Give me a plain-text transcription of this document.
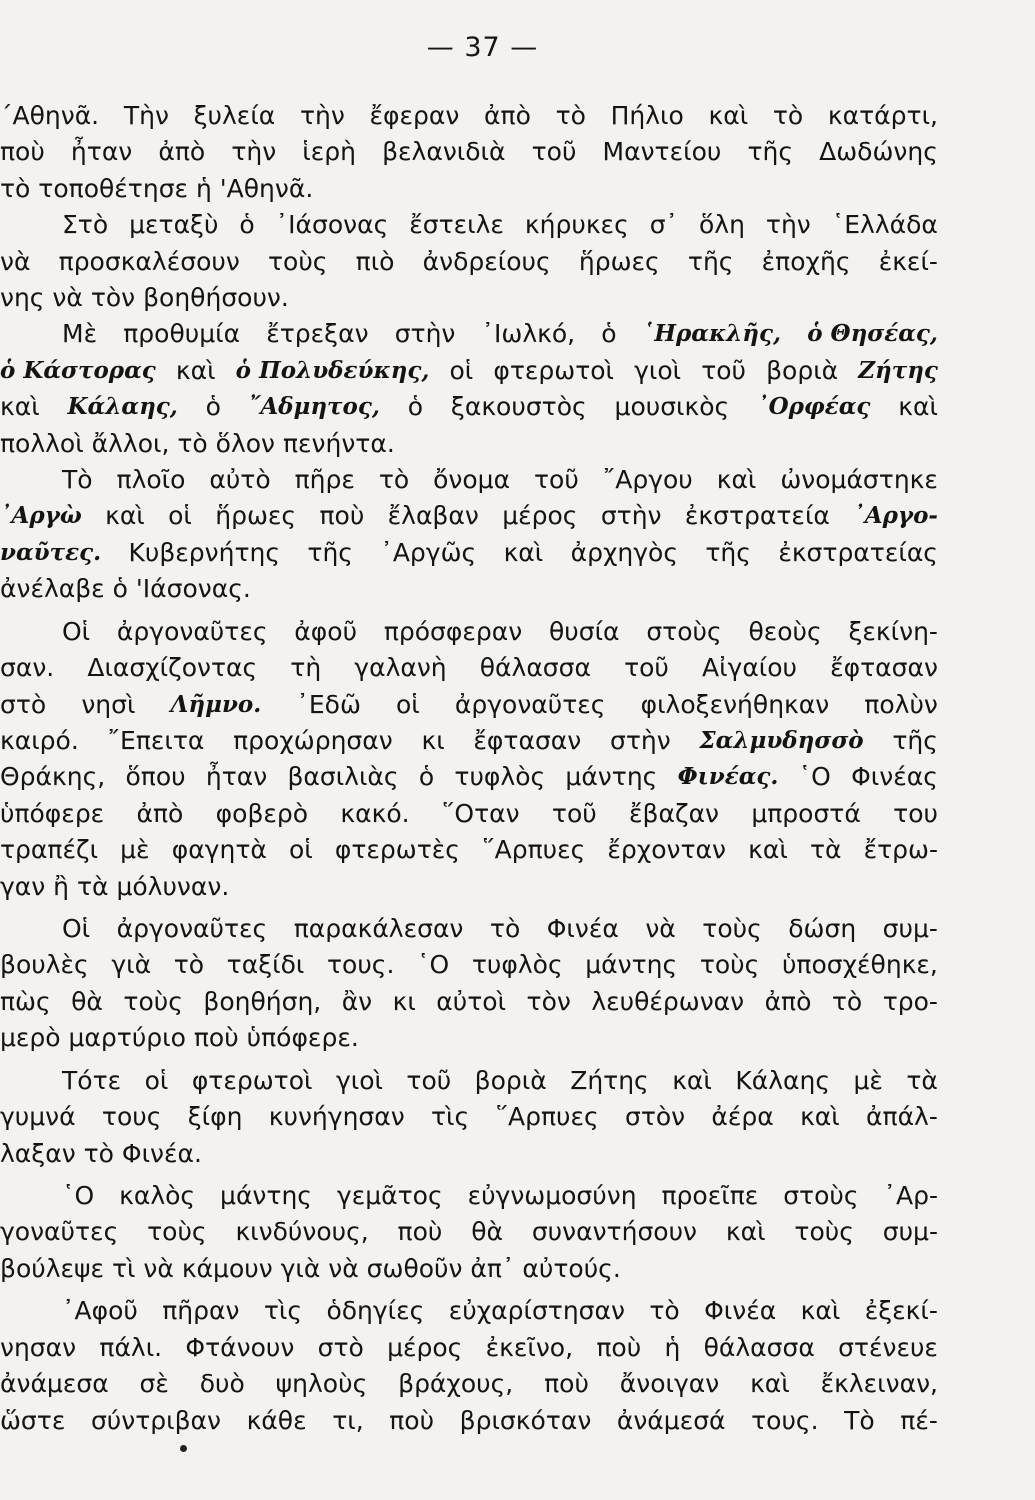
— 37 —
΄Αθηνᾶ. Τὴν ξυλεία τὴν ἔφεραν ἀπὸ τὸ Πήλιο καὶ τὸ κατάρτι,
ποὺ ἦταν ἀπὸ τὴν ἱερὴ βελανιδιὰ τοῦ Μαντείου τῆς Δωδώνης
τὸ τοποθέτησε ἡ 'Αθηνᾶ.
Στὸ μεταξὺ ὁ ᾿Ιάσονας ἔστειλε κήρυκες σ᾿ ὅλη τὴν ῾Ελλάδα
νὰ προσκαλέσουν τοὺς πιὸ ἀνδρείους ἥρωες τῆς ἐποχῆς ἐκεί-
νης νὰ τὸν βοηθήσουν.
Μὲ προθυμία ἔτρεξαν στὴν ᾿Ιωλκό, ὁ ῾Ηρακλῆς, ὁ Θησέας,
ὁ Κάστορας καὶ ὁ Πολυδεύκης, οἱ φτερωτοὶ γιοὶ τοῦ βοριὰ Ζήτης
καὶ Κάλαης, ὁ ῎Αδμητος, ὁ ξακουστὸς μουσικὸς ᾿Ορφέας καὶ
πολλοὶ ἄλλοι, τὸ ὅλον πενήντα.
Τὸ πλοῖο αὐτὸ πῆρε τὸ ὄνομα τοῦ ῎Αργου καὶ ὠνομάστηκε
᾿Αργὼ καὶ οἱ ἥρωες ποὺ ἔλαβαν μέρος στὴν ἐκστρατεία ᾿Αργο-
ναῦτες. Κυβερνήτης τῆς ᾿Αργῶς καὶ ἀρχηγὸς τῆς ἐκστρατείας
ἀνέλαβε ὁ 'Ιάσονας.
Οἱ ἀργοναῦτες ἀφοῦ πρόσφεραν θυσία στοὺς θεοὺς ξεκίνη-
σαν. Διασχίζοντας τὴ γαλανὴ θάλασσα τοῦ Αἰγαίου ἔφτασαν
στὸ νησὶ Λῆμνο. ᾿Εδῶ οἱ ἀργοναῦτες φιλοξενήθηκαν πολὺν
καιρό. ῎Επειτα προχώρησαν κι ἔφτασαν στὴν Σαλμυδησσὸ τῆς
Θράκης, ὅπου ἦταν βασιλιὰς ὁ τυφλὸς μάντης Φινέας. ῾Ο Φινέας
ὑπόφερε ἀπὸ φοβερὸ κακό. ῞Οταν τοῦ ἔβαζαν μπροστά του
τραπέζι μὲ φαγητὰ οἱ φτερωτὲς ῞Αρπυες ἔρχονταν καὶ τὰ ἔτρω-
γαν ἢ τὰ μόλυναν.
Οἱ ἀργοναῦτες παρακάλεσαν τὸ Φινέα νὰ τοὺς δώση συμ-
βουλὲς γιὰ τὸ ταξίδι τους. ῾Ο τυφλὸς μάντης τοὺς ὑποσχέθηκε,
πὼς θὰ τοὺς βοηθήση, ἂν κι αὐτοὶ τὸν λευθέρωναν ἀπὸ τὸ τρο-
μερὸ μαρτύριο ποὺ ὑπόφερε.
Τότε οἱ φτερωτοὶ γιοὶ τοῦ βοριὰ Ζήτης καὶ Κάλαης μὲ τὰ
γυμνά τους ξίφη κυνήγησαν τὶς ῞Αρπυες στὸν ἀέρα καὶ ἀπάλ-
λαξαν τὸ Φινέα.
῾Ο καλὸς μάντης γεμᾶτος εὐγνωμοσύνη προεῖπε στοὺς ᾿Αρ-
γοναῦτες τοὺς κινδύνους, ποὺ θὰ συναντήσουν καὶ τοὺς συμ-
βούλεψε τὶ νὰ κάμουν γιὰ νὰ σωθοῦν ἀπ᾿ αὐτούς.
᾿Αφοῦ πῆραν τὶς ὁδηγίες εὐχαρίστησαν τὸ Φινέα καὶ ἐξεκί-
νησαν πάλι. Φτάνουν στὸ μέρος ἐκεῖνο, ποὺ ἡ θάλασσα στένευε
ἀνάμεσα σὲ δυὸ ψηλοὺς βράχους, ποὺ ἄνοιγαν καὶ ἔκλειναν,
ὥστε σύντριβαν κάθε τι, ποὺ βρισκόταν ἀνάμεσά τους. Τὸ πέ-
